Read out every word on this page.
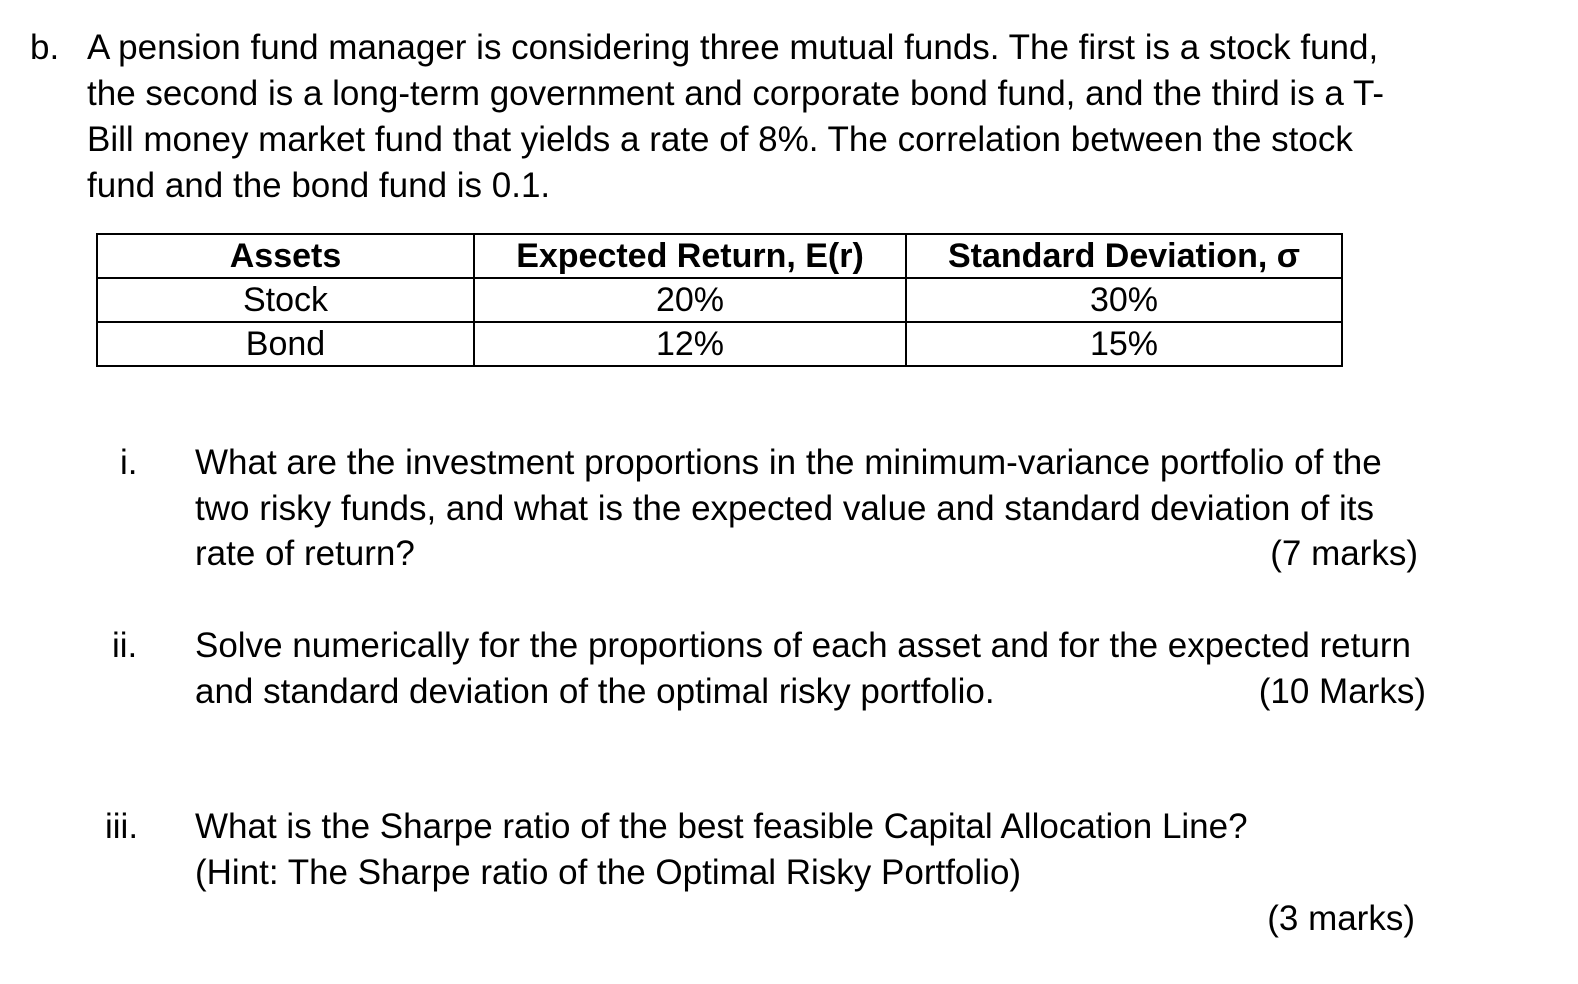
b. A pension fund manager is considering three mutual funds. The first is a stock fund,
the second is a long-term government and corporate bond fund, and the third is a T-
Bill money market fund that yields a rate of 8%. The correlation between the stock
fund and the bond fund is 0.1.
Assets	Expected Return, E(r)	Standard Deviation, σ
Stock	20%	30%
Bond	12%	15%
i. What are the investment proportions in the minimum-variance portfolio of the
two risky funds, and what is the expected value and standard deviation of its
rate of return?	(7 marks)
ii. Solve numerically for the proportions of each asset and for the expected return
and standard deviation of the optimal risky portfolio.	(10 Marks)
iii. What is the Sharpe ratio of the best feasible Capital Allocation Line?
(Hint: The Sharpe ratio of the Optimal Risky Portfolio)
(3 marks)
